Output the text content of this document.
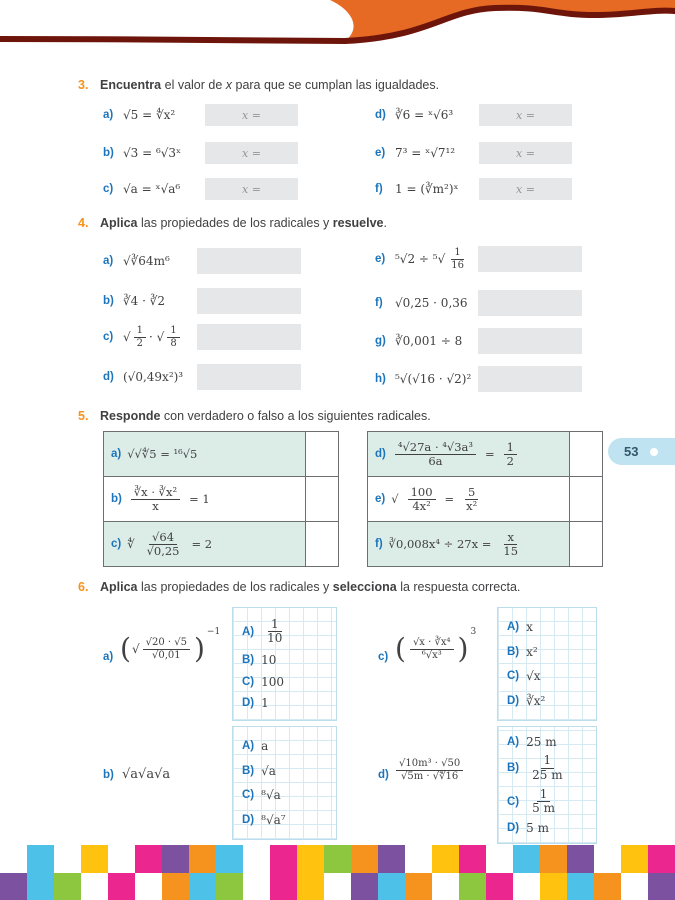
3. Encuentra el valor de x para que se cumplan las igualdades.
a) √5 = ∜x²	x =
b) √3 = ⁶√3ˣ	x =
c) √a = ˣ√a⁶	x =
d) ∛6 = ˣ√6³	x =
e) 7³ = ˣ√7¹²	x =
f) 1 = (∛m²)ˣ	x =
4. Aplica las propiedades de los radicales y resuelve.
a) √∛64m⁶
b) ∛4 · ∛2
c) √ $\frac{1}{2}$ · √ $\frac{1}{8}$
d) (√0,49x²)³
e) $^5√2 \div ^5√ \frac{1}{16}$
f) √0,25 · 0,36
g) ∛0,001 ÷ 8
h) ⁵√(√16 · √2)²
5. Responde con verdadero o falso a los siguientes radicales.
a) √√∜5 = ¹⁶√5
$b) \frac{\text{∛x · ∛x²}}{x} = 1$
c) ∜ $\frac{√64}{√0,25} = 2$
$d) \frac{\text{⁴√27a · ⁴√3a³}}{6a} = \frac{1}{2}$
e) √ $\frac{100}{\text{4x²}} = \frac{5}{\text{x²}}$
f) ∛0,008x⁴ ÷ $27x = \frac{x}{15}$
53
6. Aplica las propiedades de los radicales y selecciona la respuesta correcta.
a) ( √ $\frac{√20 \cdot √5}{√0,01}$ ) −1 $A) \frac{1}{10}$
B) 10
C) 100
D) 1
c) ( $\frac{\text{√x · ∛x⁴}}{\text{⁶√x³}}$ ) 3	A) x
B) x²
C) √x
D) ∛x²
b) √a√a√a
A) a
B) √a
C) ⁸√a
D) ⁸√a⁷
$d) \frac{\text{√10m³ · √50}}{√5m \cdot √∜16}$
A) 25 m
$B) \frac{1}{25 m}$
$C) \frac{1}{5 m}$
D) 5 m
